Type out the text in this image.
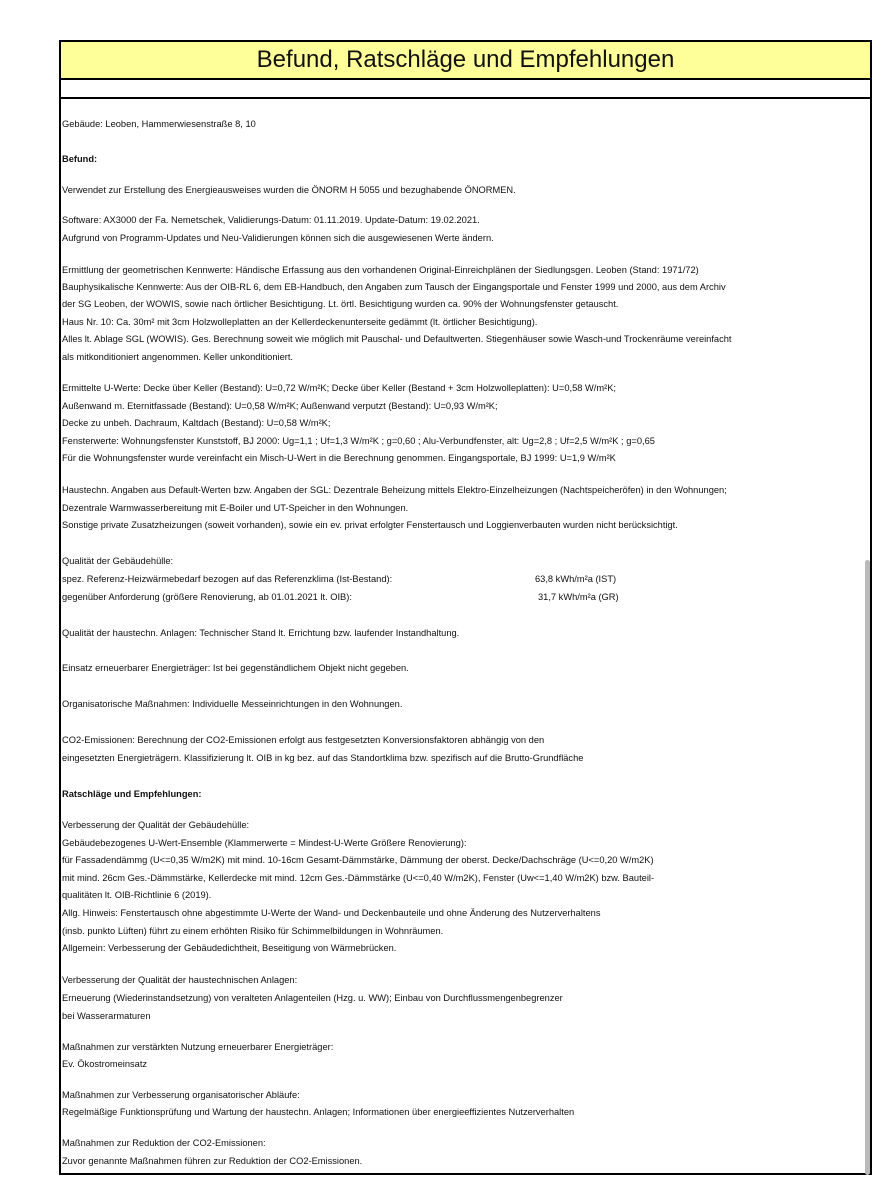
Befund, Ratschläge und Empfehlungen
Gebäude: Leoben, Hammerwiesenstraße 8, 10
Befund:
Verwendet zur Erstellung des Energieausweises wurden die ÖNORM H 5055 und bezughabende ÖNORMEN.
Software: AX3000 der Fa. Nemetschek, Validierungs-Datum: 01.11.2019. Update-Datum: 19.02.2021.
Aufgrund von Programm-Updates und Neu-Validierungen können sich die ausgewiesenen Werte ändern.
Ermittlung der geometrischen Kennwerte: Händische Erfassung aus den vorhandenen Original-Einreichplänen der Siedlungsgen. Leoben (Stand: 1971/72)
Bauphysikalische Kennwerte: Aus der OIB-RL 6, dem EB-Handbuch, den Angaben zum Tausch der Eingangsportale und Fenster 1999 und 2000, aus dem Archiv
der SG Leoben, der WOWIS, sowie nach örtlicher Besichtigung. Lt. örtl. Besichtigung wurden ca. 90% der Wohnungsfenster getauscht.
Haus Nr. 10: Ca. 30m² mit 3cm Holzwolleplatten an der Kellerdeckenunterseite gedämmt (lt. örtlicher Besichtigung).
Alles lt. Ablage SGL (WOWIS). Ges. Berechnung soweit wie möglich mit Pauschal- und Defaultwerten. Stiegenhäuser sowie Wasch-und Trockenräume vereinfacht
als mitkonditioniert angenommen. Keller unkonditioniert.
Ermittelte U-Werte: Decke über Keller (Bestand): U=0,72 W/m²K; Decke über Keller (Bestand + 3cm Holzwolleplatten): U=0,58 W/m²K;
Außenwand m. Eternitfassade (Bestand): U=0,58 W/m²K; Außenwand verputzt (Bestand): U=0,93 W/m²K;
Decke zu unbeh. Dachraum, Kaltdach (Bestand): U=0,58 W/m²K;
Fensterwerte: Wohnungsfenster Kunststoff, BJ 2000: Ug=1,1 ; Uf=1,3 W/m²K ; g=0,60 ; Alu-Verbundfenster, alt: Ug=2,8 ; Uf=2,5 W/m²K ; g=0,65
Für die Wohnungsfenster wurde vereinfacht ein Misch-U-Wert in die Berechnung genommen. Eingangsportale, BJ 1999: U=1,9 W/m²K
Haustechn. Angaben aus Default-Werten bzw. Angaben der SGL: Dezentrale Beheizung mittels Elektro-Einzelheizungen (Nachtspeicheröfen) in den Wohnungen;
Dezentrale Warmwasserbereitung mit E-Boiler und UT-Speicher in den Wohnungen.
Sonstige private Zusatzheizungen (soweit vorhanden), sowie ein ev. privat erfolgter Fenstertausch und Loggienverbauten wurden nicht berücksichtigt.
Qualität der Gebäudehülle:
spez. Referenz-Heizwärmebedarf bezogen auf das Referenzklima (Ist-Bestand):	63,8 kWh/m²a (IST)
gegenüber Anforderung (größere Renovierung, ab 01.01.2021 lt. OIB):	31,7 kWh/m²a (GR)
Qualität der haustechn. Anlagen: Technischer Stand lt. Errichtung bzw. laufender Instandhaltung.
Einsatz erneuerbarer Energieträger: Ist bei gegenständlichem Objekt nicht gegeben.
Organisatorische Maßnahmen: Individuelle Messeinrichtungen in den Wohnungen.
CO2-Emissionen: Berechnung der CO2-Emissionen erfolgt aus festgesetzten Konversionsfaktoren abhängig von den
eingesetzten Energieträgern. Klassifizierung lt. OIB in kg bez. auf das Standortklima bzw. spezifisch auf die Brutto-Grundfläche
Ratschläge und Empfehlungen:
Verbesserung der Qualität der Gebäudehülle:
Gebäudebezogenes U-Wert-Ensemble (Klammerwerte = Mindest-U-Werte Größere Renovierung):
für Fassadendämmg (U<=0,35 W/m2K) mit mind. 10-16cm Gesamt-Dämmstärke, Dämmung der oberst. Decke/Dachschräge (U<=0,20 W/m2K)
mit mind. 26cm Ges.-Dämmstärke, Kellerdecke mit mind. 12cm Ges.-Dämmstärke (U<=0,40 W/m2K), Fenster (Uw<=1,40 W/m2K) bzw. Bauteil-
qualitäten lt. OIB-Richtlinie 6 (2019).
Allg. Hinweis: Fenstertausch ohne abgestimmte U-Werte der Wand- und Deckenbauteile und ohne Änderung des Nutzerverhaltens
(insb. punkto Lüften) führt zu einem erhöhten Risiko für Schimmelbildungen in Wohnräumen.
Allgemein: Verbesserung der Gebäudedichtheit, Beseitigung von Wärmebrücken.
Verbesserung der Qualität der haustechnischen Anlagen:
Erneuerung (Wiederinstandsetzung) von veralteten Anlagenteilen (Hzg. u. WW); Einbau von Durchflussmengenbegrenzer
bei Wasserarmaturen
Maßnahmen zur verstärkten Nutzung erneuerbarer Energieträger:
Ev. Ökostromeinsatz
Maßnahmen zur Verbesserung organisatorischer Abläufe:
Regelmäßige Funktionsprüfung und Wartung der haustechn. Anlagen; Informationen über energieeffizientes Nutzerverhalten
Maßnahmen zur Reduktion der CO2-Emissionen:
Zuvor genannte Maßnahmen führen zur Reduktion der CO2-Emissionen.
